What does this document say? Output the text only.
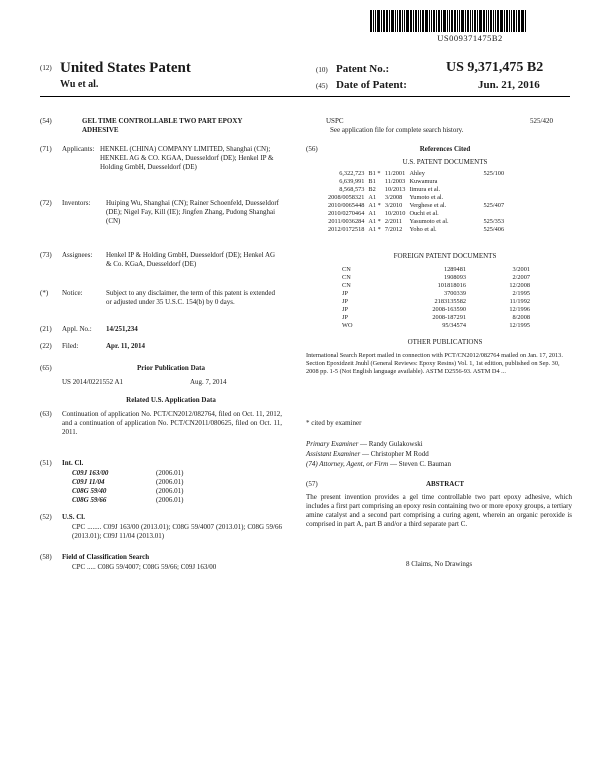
US009371475B2
(12) United States Patent
Wu et al.
(10) Patent No.:	US 9,371,475 B2
(45) Date of Patent:	Jun. 21, 2016
(54)	GEL TIME CONTROLLABLE TWO PART EPOXY ADHESIVE
(71) Applicants: HENKEL (CHINA) COMPANY LIMITED, Shanghai (CN); HENKEL AG & CO. KGAA, Duesseldorf (DE); Henkel IP & Holding GmbH, Duesseldorf (DE)
(72) Inventors: Huiping Wu, Shanghai (CN); Rainer Schoenfeld, Duesseldorf (DE); Nigel Fay, Kill (IE); Jingfen Zhang, Pudong Shanghai (CN)
(73) Assignees: Henkel IP & Holding GmbH, Duesseldorf (DE); Henkel AG & Co. KGaA, Duesseldorf (DE)
(*) Notice:	Subject to any disclaimer, the term of this patent is extended or adjusted under 35 U.S.C. 154(b) by 0 days.
(21) Appl. No.: 14/251,234
(22) Filed:	Apr. 11, 2014
(65)	Prior Publication Data
US 2014/0221552 A1	Aug. 7, 2014
Related U.S. Application Data
(63) Continuation of application No. PCT/CN2012/082764, filed on Oct. 11, 2012, and a continuation of application No. PCT/CN2011/080625, filed on Oct. 11, 2011.
(51) Int. Cl.
C09J 163/00	(2006.01)
C09J 11/04	(2006.01)
C08G 59/40	(2006.01)
C08G 59/66	(2006.01)
(52) U.S. Cl.
CPC ........ C09J 163/00 (2013.01); C08G 59/4007 (2013.01); C08G 59/66 (2013.01); C09J 11/04 (2013.01)
(58) Field of Classification Search
CPC ..... C08G 59/4007; C08G 59/66; C09J 163/00
USPC	525/420
See application file for complete search history.
(56)	References Cited
U.S. PATENT DOCUMENTS
6,322,723	B1 *	11/2001	Ahley	525/100
6,639,991	B1	11/2003	Kuwamura	
8,568,573	B2	10/2013	Iimura et al.	
2008/0058321	A1	3/2008	Yumoto et al.	
2010/0065448	A1 *	3/2010	Verghese et al.	525/407
2010/0270464	A1	10/2010	Ouchi et al.	
2011/0036284	A1 *	2/2011	Yasumoto et al.	525/353
2012/0172518	A1 *	7/2012	Yoho et al.	525/406
FOREIGN PATENT DOCUMENTS
CN	1289481	3/2001
CN	1908093	2/2007
CN	101818016	12/2008
JP	3700339	2/1995
JP	2183135582	11/1992
JP	2008-163590	12/1996
JP	2008-187291	8/2008
WO	95/34574	12/1995
OTHER PUBLICATIONS
International Search Report mailed in connection with PCT/CN2012/082764 mailed on Jan. 17, 2013. Section Epoxidzeit Jnuhl (General Reviews: Epoxy Resins) Vol. 1, 1st edition, published on Sep. 30, 2008 pp. 1-5 (Not English language available). ASTM D2556-93. ASTM D4 ...
* cited by examiner
Primary Examiner — Randy Gulakowski
Assistant Examiner — Christopher M Rodd
(74) Attorney, Agent, or Firm — Steven C. Bauman
(57)	ABSTRACT
The present invention provides a gel time controllable two part epoxy adhesive, which includes a first part comprising an epoxy resin containing two or more epoxy groups, a tertiary amine catalyst and a second part comprising a curing agent, wherein an organic peroxide is comprised in part A, part B and/or a third separate part C.
8 Claims, No Drawings
